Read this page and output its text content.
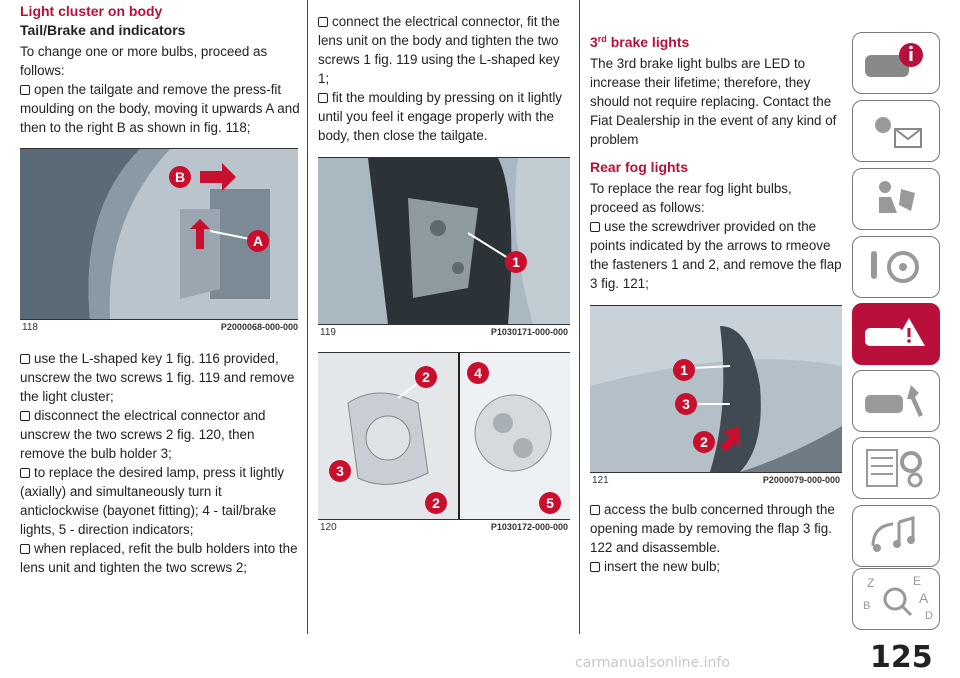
Light cluster on body
Tail/Brake and indicators

To change one or more bulbs, proceed as follows:

open the tailgate and remove the press-fit moulding on the body, moving it upwards A and then to the right B as shown in fig. 118;
B
A
118	P2000068-000-000
use the L-shaped key 1 fig. 116 provided, unscrew the two screws 1 fig. 119 and remove the light cluster;
disconnect the electrical connector and unscrew the two screws 2 fig. 120, then remove the bulb holder 3;
to replace the desired lamp, press it lightly (axially) and simultaneously turn it anticlockwise (bayonet fitting); 4 - tail/brake lights, 5 - direction indicators;
when replaced, refit the bulb holders into the lens unit and tighten the two screws 2;
connect the electrical connector, fit the lens unit on the body and tighten the two screws 1 fig. 119 using the L-shaped key 1;
fit the moulding by pressing on it lightly until you feel it engage properly with the body, then close the tailgate.
1
119	P1030171-000-000
2
3
2
4
5
120	P1030172-000-000
3rd brake lights

The 3rd brake light bulbs are LED to increase their lifetime; therefore, they should not require replacing. Contact the Fiat Dealership in the event of any kind of problem

Rear fog lights

To replace the rear fog light bulbs, proceed as follows:

use the screwdriver provided on the points indicated by the arrows to rmeove the fasteners 1 and 2, and remove the flap 3 fig. 121;
1
3
2
121	P2000079-000-000
access the bulb concerned through the opening made by removing the flap 3 fig. 122 and disassemble.
insert the new bulb;
Z	E
B	A
D
125
carmanualsonline.info
